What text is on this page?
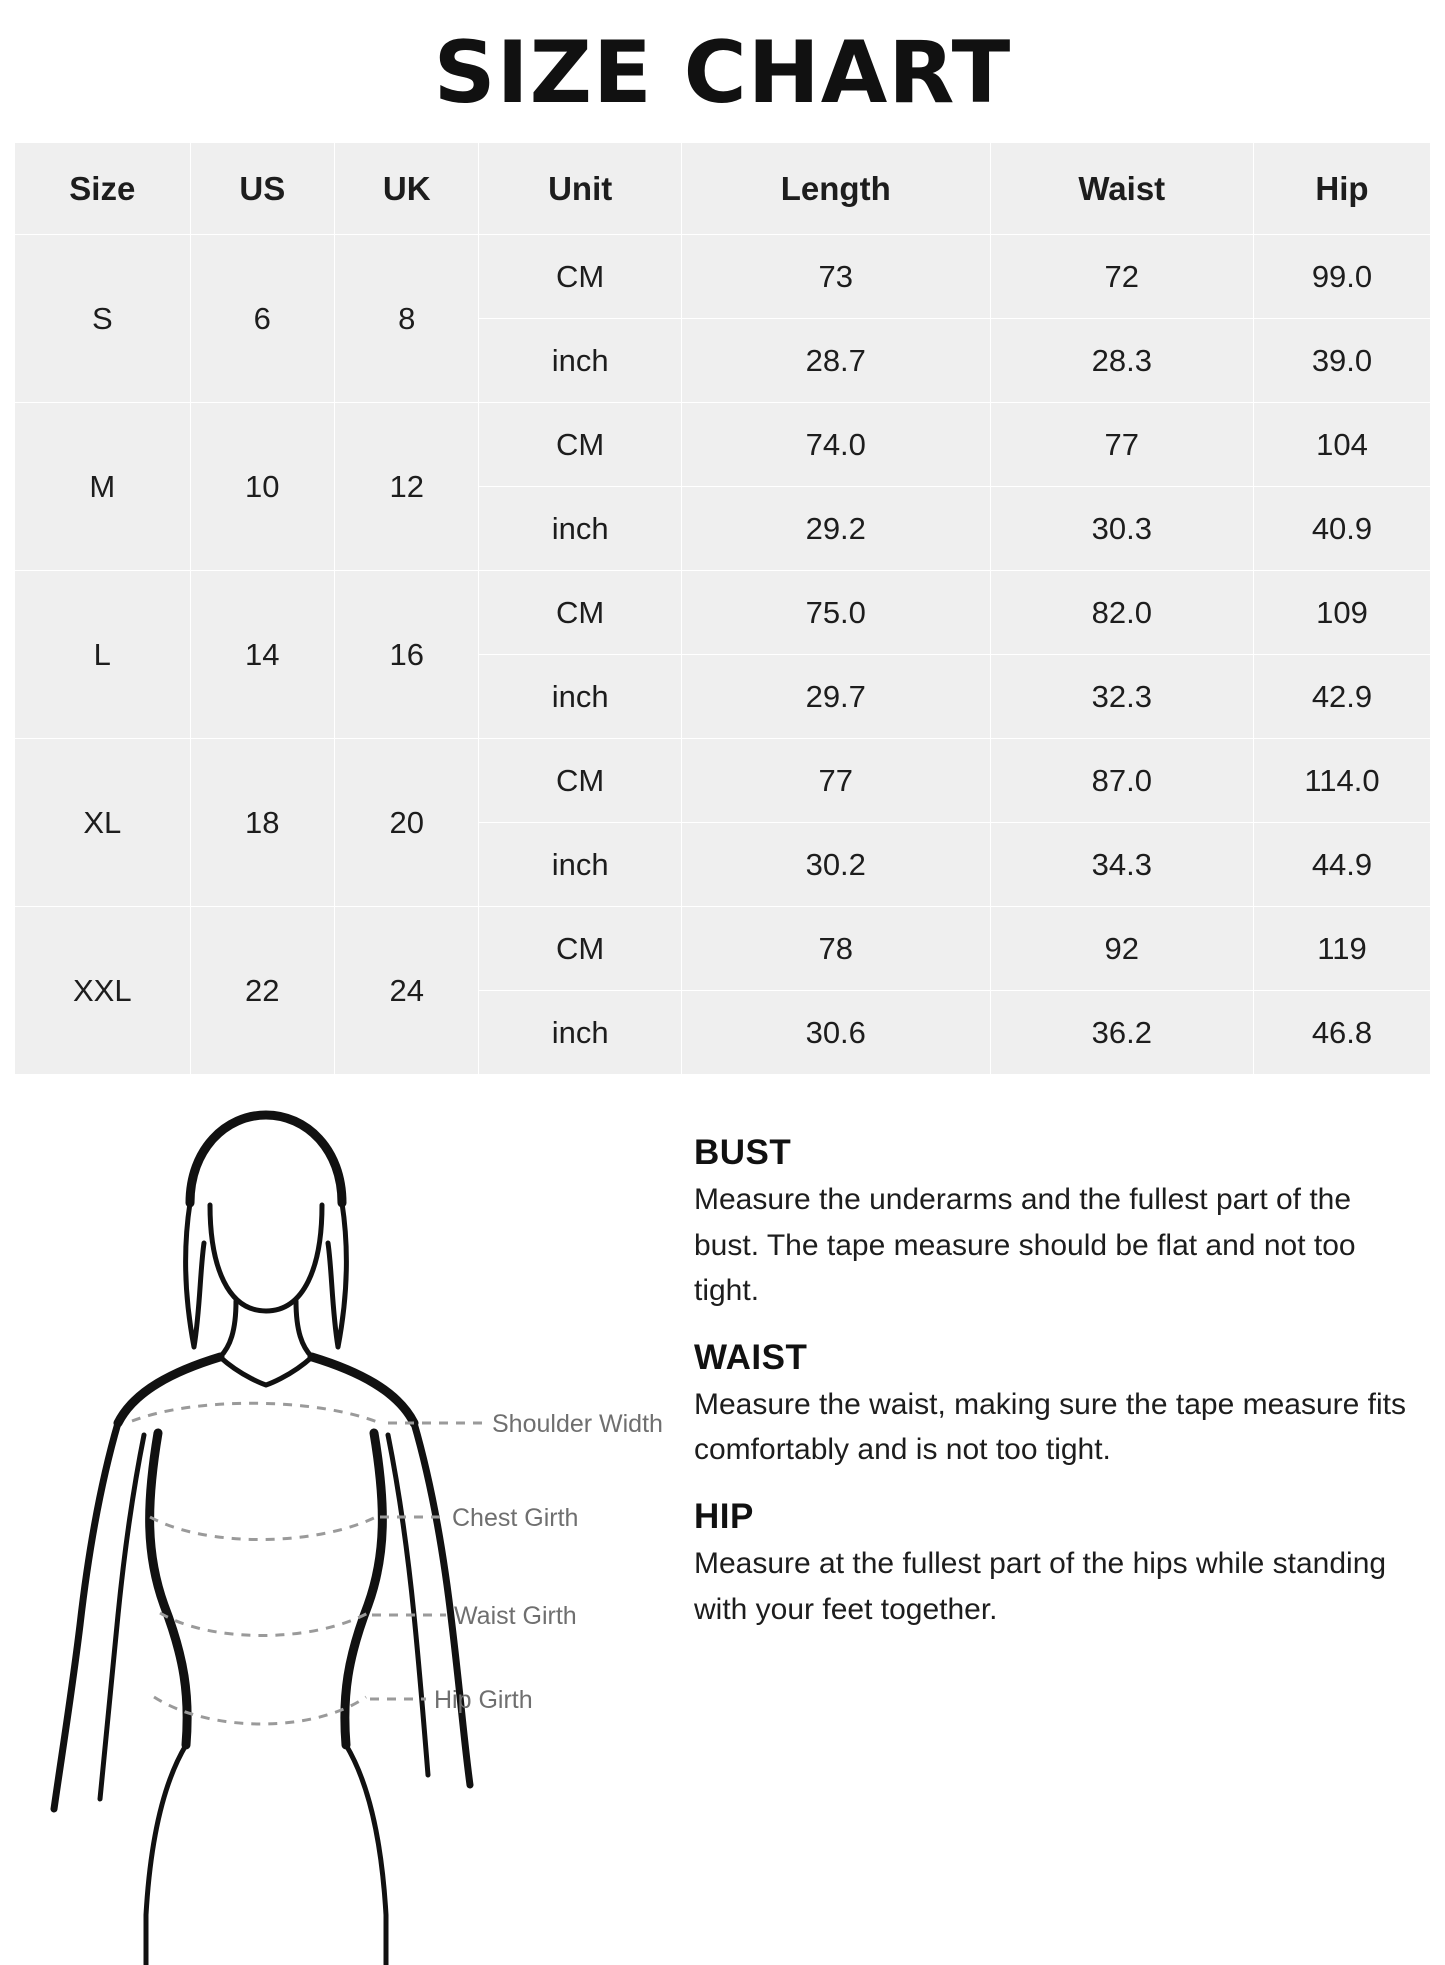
SIZE CHART
Size	US	UK	Unit	Length	Waist	Hip
S	6	8	CM	73	72	99.0
			inch	28.7	28.3	39.0
M	10	12	CM	74.0	77	104
			inch	29.2	30.3	40.9
L	14	16	CM	75.0	82.0	109
			inch	29.7	32.3	42.9
XL	18	20	CM	77	87.0	114.0
			inch	30.2	34.3	44.9
XXL	22	24	CM	78	92	119
			inch	30.6	36.2	46.8
Shoulder Width
Chest Girth
Waist Girth
Hip Girth
BUST

Measure the underarms and the fullest part of the bust. The tape measure should be flat and not too tight.

WAIST

Measure the waist, making sure the tape measure fits comfortably and is not too tight.

HIP

Measure at the fullest part of the hips while standing with your feet together.
